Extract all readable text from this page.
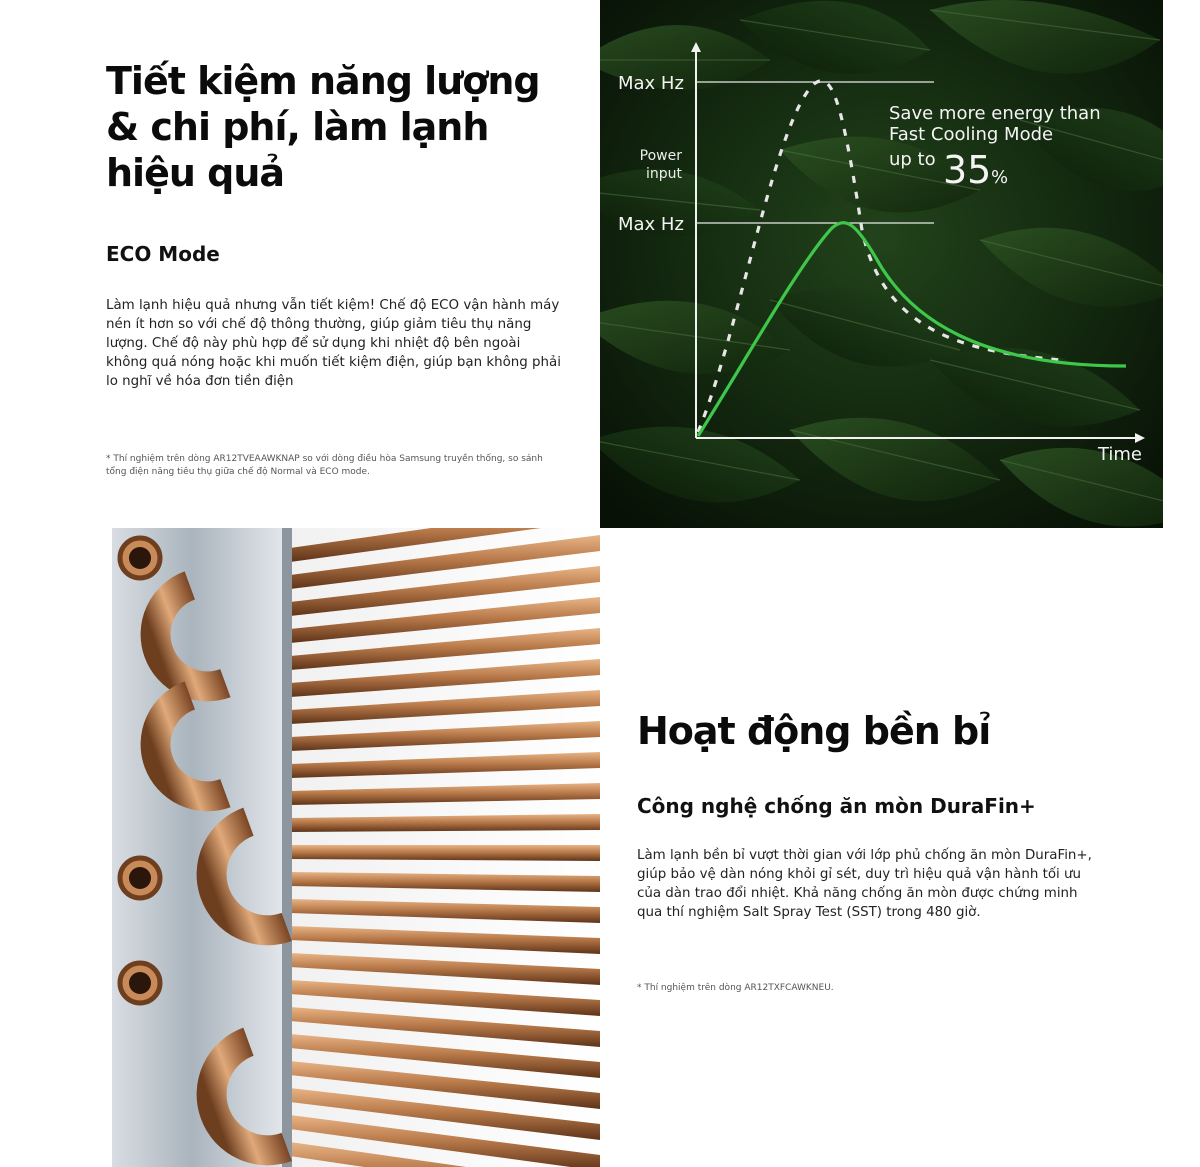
Tiết kiệm năng lượng & chi phí, làm lạnh hiệu quả
ECO Mode

Làm lạnh hiệu quả nhưng vẫn tiết kiệm! Chế độ ECO vận hành máy nén ít hơn so với chế độ thông thường, giúp giảm tiêu thụ năng lượng. Chế độ này phù hợp để sử dụng khi nhiệt độ bên ngoài không quá nóng hoặc khi muốn tiết kiệm điện, giúp bạn không phải lo nghĩ về hóa đơn tiền điện

* Thí nghiệm trên dòng AR12TVEAAWKNAP so với dòng điều hòa Samsung truyền thống, so sánh tổng điện năng tiêu thụ giữa chế độ Normal và ECO mode.

Max Hz
Max Hz
Power
input
Time
Save more energy than
Fast Cooling Mode
up to 35 %
Hoạt động bền bỉ
Công nghệ chống ăn mòn DuraFin+

Làm lạnh bền bỉ vượt thời gian với lớp phủ chống ăn mòn DuraFin+, giúp bảo vệ dàn nóng khỏi gỉ sét, duy trì hiệu quả vận hành tối ưu của dàn trao đổi nhiệt. Khả năng chống ăn mòn được chứng minh qua thí nghiệm Salt Spray Test (SST) trong 480 giờ.

* Thí nghiệm trên dòng AR12TXFCAWKNEU.
